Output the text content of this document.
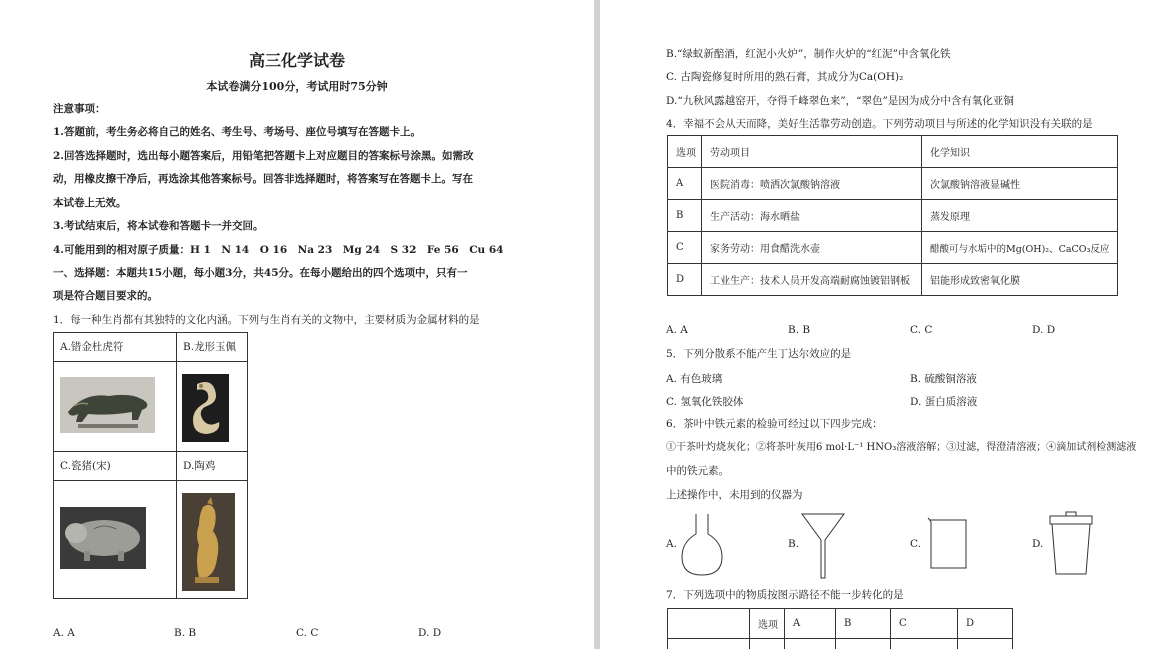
高三化学试卷
本试卷满分100分，考试用时75分钟
注意事项：
1.答题前，考生务必将自己的姓名、考生号、考场号、座位号填写在答题卡上。
2.回答选择题时，选出每小题答案后，用铅笔把答题卡上对应题目的答案标号涂黑。如需改
动，用橡皮擦干净后，再选涂其他答案标号。回答非选择题时，将答案写在答题卡上。写在
本试卷上无效。
3.考试结束后，将本试卷和答题卡一并交回。
4.可能用到的相对原子质量：H 1　N 14　O 16　Na 23　Mg 24　S 32　Fe 56　Cu 64
一、选择题：本题共15小题，每小题3分，共45分。在每小题给出的四个选项中，只有一
项是符合题目要求的。
1．每一种生肖都有其独特的文化内涵。下列与生肖有关的文物中，主要材质为金属材料的是
A.错金杜虎符	B.龙形玉佩

C.瓷猪(宋)	D.陶鸡

A. A	B. B	C. C	D. D
B.“绿蚁新醅酒，红泥小火炉”，制作火炉的“红泥”中含氧化铁
C. 古陶瓷修复时所用的熟石膏，其成分为Ca(OH)₂
D.“九秋风露越窑开，夺得千峰翠色来”，“翠色”是因为成分中含有氧化亚铜
4．幸福不会从天而降，美好生活靠劳动创造。下列劳动项目与所述的化学知识没有关联的是
选项	劳动项目	化学知识
A	医院消毒：喷洒次氯酸钠溶液	次氯酸钠溶液显碱性
B	生产活动：海水晒盐	蒸发原理
C	家务劳动：用食醋洗水壶	醋酸可与水垢中的Mg(OH)₂、CaCO₃反应
D	工业生产：技术人员开发高端耐腐蚀镀铝钢板	铝能形成致密氧化膜
A. A	B. B	C. C	D. D
5．下列分散系不能产生丁达尔效应的是
A. 有色玻璃	B. 硫酸铜溶液
C. 氢氧化铁胶体	D. 蛋白质溶液
6．茶叶中铁元素的检验可经过以下四步完成：
①干茶叶灼烧灰化；②将茶叶灰用6 mol·L⁻¹ HNO₃溶液溶解；③过滤，得澄清溶液；④滴加试剂检测滤液
中的铁元素。
上述操作中，未用到的仪器为
A.	B.	C.	D.
7．下列选项中的物质按图示路径不能一步转化的是
	选项	A	B	C	D
